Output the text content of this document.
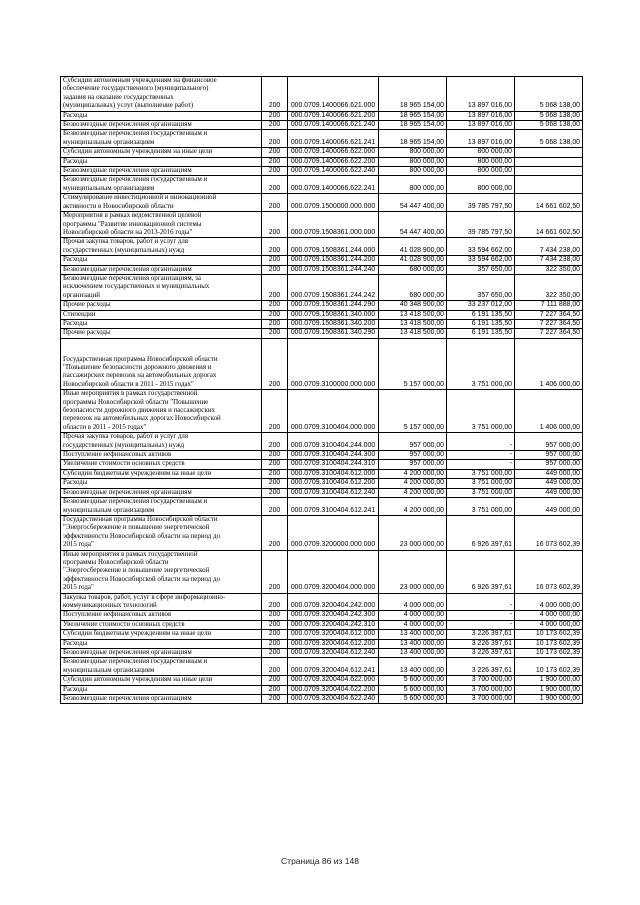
Субсидии автономным учреждениям на финансовое
обеспечение государственного (муниципального)
задания на оказание государственных
(муниципальных) услуг (выполнение работ)	200	000.0709.1400066.621.000	18 965 154,00	13 897 016,00	5 068 138,00

Расходы	200	000.0709.1400066.621.200	18 965 154,00	13 897 016,00	5 068 138,00

Безвозмездные перечисления организациям	200	000.0709.1400066.621.240	18 965 154,00	13 897 016,00	5 068 138,00

Безвозмездные перечисления государственным и
муниципальным организациям	200	000.0709.1400066.621.241	18 965 154,00	13 897 016,00	5 068 138,00

Субсидии автономным учреждениям на иные цели	200	000.0709.1400066.622.000	800 000,00	800 000,00	

Расходы	200	000.0709.1400066.622.200	800 000,00	800 000,00	

Безвозмездные перечисления организациям	200	000.0709.1400066.622.240	800 000,00	800 000,00	

Безвозмездные перечисления государственным и
муниципальным организациям	200	000.0709.1400066.622.241	800 000,00	800 000,00	

Стимулирование инвестиционной и инновационной
активности в Новосибирской области	200	000.0709.1500000.000.000	54 447 400,00	39 785 797,50	14 661 602,50

Мероприятия в рамках ведомственной целевой
программы "Развитие инновационной системы
Новосибирской области на 2013-2016 годы"	200	000.0709.1508361.000.000	54 447 400,00	39 785 797,50	14 661 602,50

Прочая закупка товаров, работ и услуг для
государственных (муниципальных) нужд	200	000.0709.1508361.244.000	41 028 900,00	33 594 662,00	7 434 238,00

Расходы	200	000.0709.1508361.244.200	41 028 900,00	33 594 662,00	7 434 238,00

Безвозмездные перечисления организациям	200	000.0709.1508361.244.240	680 000,00	357 650,00	322 350,00

Безвозмездные перечисления организациям, за
исключением государственных и муниципальных
организаций	200	000.0709.1508361.244.242	680 000,00	357 650,00	322 350,00

Прочие расходы	200	000.0709.1508361.244.290	40 348 900,00	33 237 012,00	7 111 888,00

Стипендии	200	000.0709.1508361.340.000	13 418 500,00	6 191 135,50	7 227 364,50

Расходы	200	000.0709.1508361.340.200	13 418 500,00	6 191 135,50	7 227 364,50

Прочие расходы	200	000.0709.1508361.340.290	13 418 500,00	6 191 135,50	7 227 364,50

Государственная программа Новосибирской области
"Повышение безопасности дорожного движения и
пассажирских перевозок на автомобильных дорогах
Новосибирской области в 2011 - 2015 годах"	200	000.0709.3100000.000.000	5 157 000,00	3 751 000,00	1 406 000,00

Иные мероприятия в рамках государственной
программы Новосибирской области "Повышение
безопасности дорожного движения и пассажирских
перевозок на автомобильных дорогах Новосибирской
области в 2011 - 2015 годах"	200	000.0709.3100404.000.000	5 157 000,00	3 751 000,00	1 406 000,00

Прочая закупка товаров, работ и услуг для
государственных (муниципальных) нужд	200	000.0709.3100404.244.000	957 000,00	-	957 000,00

Поступление нефинансовых активов	200	000.0709.3100404.244.300	957 000,00	-	957 000,00

Увеличение стоимости основных средств	200	000.0709.3100404.244.310	957 000,00	-	957 000,00

Субсидии бюджетным учреждениям на иные цели	200	000.0709.3100404.612.000	4 200 000,00	3 751 000,00	449 000,00

Расходы	200	000.0709.3100404.612.200	4 200 000,00	3 751 000,00	449 000,00

Безвозмездные перечисления организациям	200	000.0709.3100404.612.240	4 200 000,00	3 751 000,00	449 000,00

Безвозмездные перечисления государственным и
муниципальным организациям	200	000.0709.3100404.612.241	4 200 000,00	3 751 000,00	449 000,00

Государственная программа Новосибирской области
"Энергосбережение и повышение энергетической
эффективности Новосибирской области на период до
2015 года"	200	000.0709.3200000.000.000	23 000 000,00	6 926 397,61	16 073 602,39

Иные мероприятия в рамках государственной
программы Новосибирской области
"Энергосбережение и повышение энергетической
эффективности Новосибирской области на период до
2015 года"	200	000.0709.3200404.000.000	23 000 000,00	6 926 397,61	16 073 602,39

Закупка товаров, работ, услуг в сфере информационно-
коммуникационных технологий	200	000.0709.3200404.242.000	4 000 000,00	-	4 000 000,00

Поступление нефинансовых активов	200	000.0709.3200404.242.300	4 000 000,00	-	4 000 000,00

Увеличение стоимости основных средств	200	000.0709.3200404.242.310	4 000 000,00	-	4 000 000,00

Субсидии бюджетным учреждениям на иные цели	200	000.0709.3200404.612.000	13 400 000,00	3 226 397,61	10 173 602,39

Расходы	200	000.0709.3200404.612.200	13 400 000,00	3 226 397,61	10 173 602,39

Безвозмездные перечисления организациям	200	000.0709.3200404.612.240	13 400 000,00	3 226 397,61	10 173 602,39

Безвозмездные перечисления государственным и
муниципальным организациям	200	000.0709.3200404.612.241	13 400 000,00	3 226 397,61	10 173 602,39

Субсидии автономным учреждениям на иные цели	200	000.0709.3200404.622.000	5 600 000,00	3 700 000,00	1 900 000,00

Расходы	200	000.0709.3200404.622.200	5 600 000,00	3 700 000,00	1 900 000,00

Безвозмездные перечисления организациям	200	000.0709.3200404.622.240	5 600 000,00	3 700 000,00	1 900 000,00
Страница 86 из 148
